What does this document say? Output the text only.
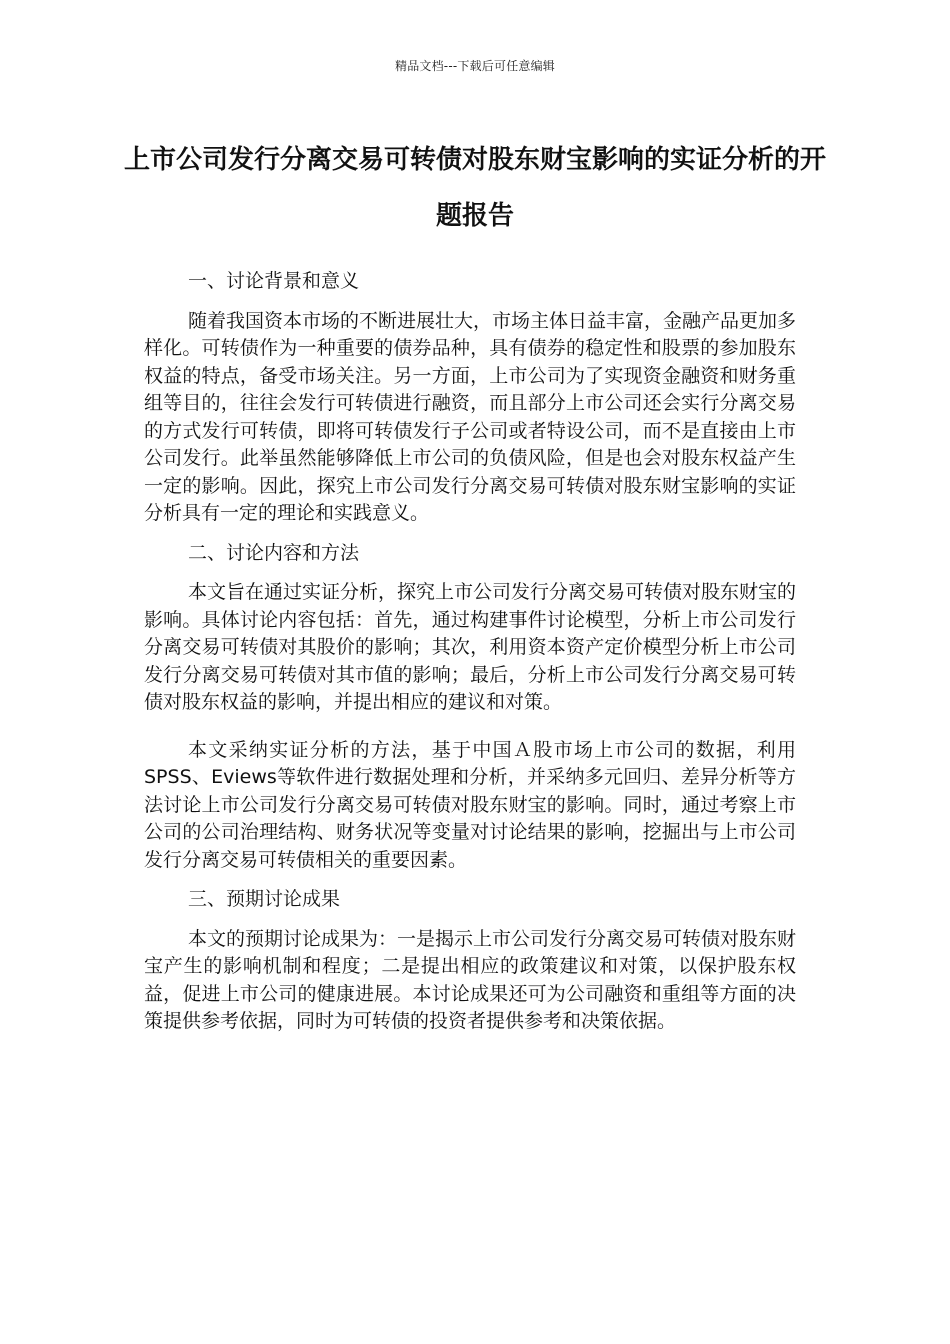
精品文档---下载后可任意编辑
上市公司发行分离交易可转债对股东财宝影响的实证分析的开题报告

一、讨论背景和意义

随着我国资本市场的不断进展壮大，市场主体日益丰富，金融产品更加多样化。可转债作为一种重要的债券品种，具有债券的稳定性和股票的参加股东权益的特点，备受市场关注。另一方面，上市公司为了实现资金融资和财务重组等目的，往往会发行可转债进行融资，而且部分上市公司还会实行分离交易的方式发行可转债，即将可转债发行子公司或者特设公司，而不是直接由上市公司发行。此举虽然能够降低上市公司的负债风险，但是也会对股东权益产生一定的影响。因此，探究上市公司发行分离交易可转债对股东财宝影响的实证分析具有一定的理论和实践意义。

二、讨论内容和方法

本文旨在通过实证分析，探究上市公司发行分离交易可转债对股东财宝的影响。具体讨论内容包括：首先，通过构建事件讨论模型，分析上市公司发行分离交易可转债对其股价的影响；其次，利用资本资产定价模型分析上市公司发行分离交易可转债对其市值的影响；最后，分析上市公司发行分离交易可转债对股东权益的影响，并提出相应的建议和对策。

本文采纳实证分析的方法，基于中国Ａ股市场上市公司的数据，利用SPSS、Eviews等软件进行数据处理和分析，并采纳多元回归、差异分析等方法讨论上市公司发行分离交易可转债对股东财宝的影响。同时，通过考察上市公司的公司治理结构、财务状况等变量对讨论结果的影响，挖掘出与上市公司发行分离交易可转债相关的重要因素。

三、预期讨论成果

本文的预期讨论成果为：一是揭示上市公司发行分离交易可转债对股东财宝产生的影响机制和程度；二是提出相应的政策建议和对策，以保护股东权益，促进上市公司的健康进展。本讨论成果还可为公司融资和重组等方面的决策提供参考依据，同时为可转债的投资者提供参考和决策依据。
